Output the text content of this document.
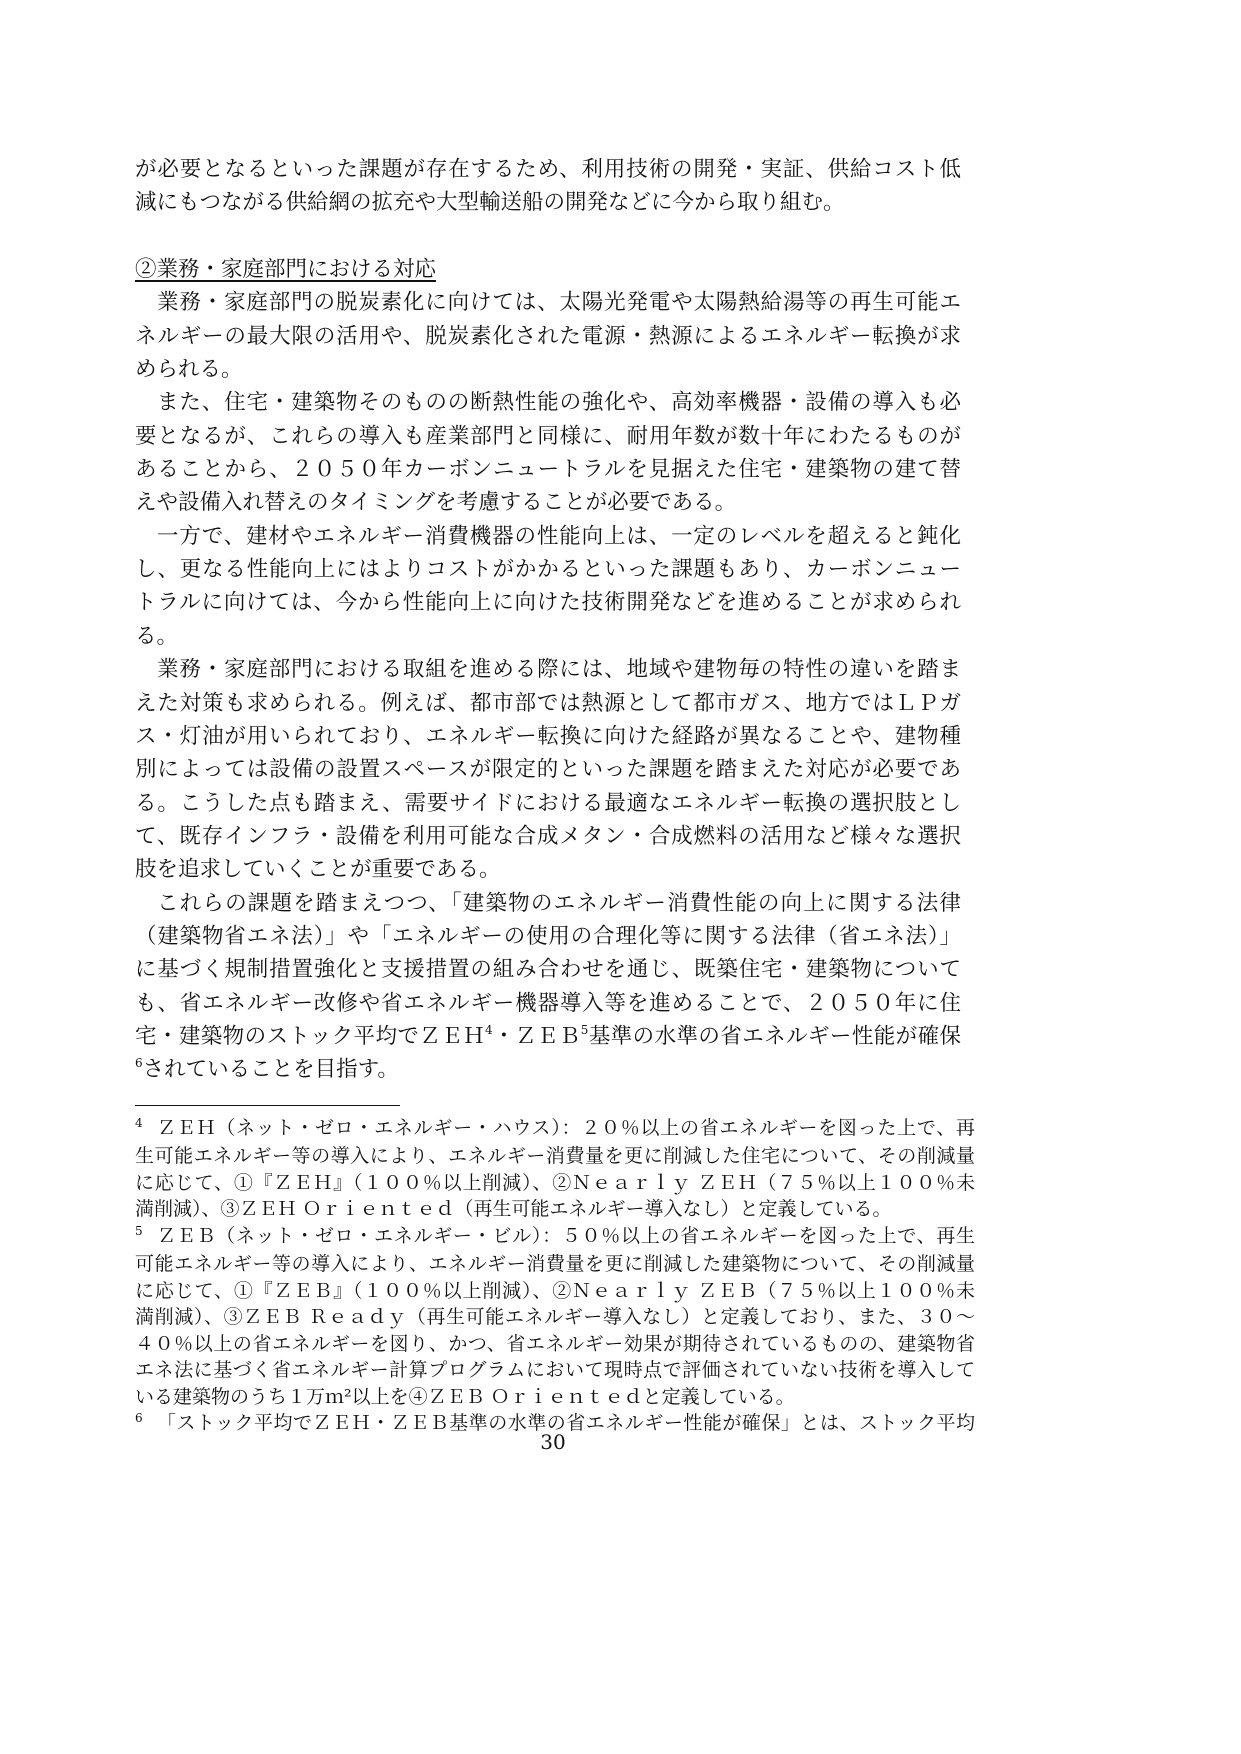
が必要となるといった課題が存在するため、利用技術の開発・実証、供給コスト低
減にもつながる供給網の拡充や大型輸送船の開発などに今から取り組む。
②業務・家庭部門における対応
業務・家庭部門の脱炭素化に向けては、太陽光発電や太陽熱給湯等の再生可能エ
ネルギーの最大限の活用や、脱炭素化された電源・熱源によるエネルギー転換が求
められる。
また、住宅・建築物そのものの断熱性能の強化や、高効率機器・設備の導入も必
要となるが、これらの導入も産業部門と同様に、耐用年数が数十年にわたるものが
あることから、２０５０年カーボンニュートラルを見据えた住宅・建築物の建て替
えや設備入れ替えのタイミングを考慮することが必要である。
一方で、建材やエネルギー消費機器の性能向上は、一定のレベルを超えると鈍化
し、更なる性能向上にはよりコストがかかるといった課題もあり、カーボンニュー
トラルに向けては、今から性能向上に向けた技術開発などを進めることが求められ
る。
業務・家庭部門における取組を進める際には、地域や建物毎の特性の違いを踏ま
えた対策も求められる。例えば、都市部では熱源として都市ガス、地方ではＬＰガ
ス・灯油が用いられており、エネルギー転換に向けた経路が異なることや、建物種
別によっては設備の設置スペースが限定的といった課題を踏まえた対応が必要であ
る。こうした点も踏まえ、需要サイドにおける最適なエネルギー転換の選択肢とし
て、既存インフラ・設備を利用可能な合成メタン・合成燃料の活用など様々な選択
肢を追求していくことが重要である。
これらの課題を踏まえつつ、「建築物のエネルギー消費性能の向上に関する法律
（建築物省エネ法）」や「エネルギーの使用の合理化等に関する法律（省エネ法）」
に基づく規制措置強化と支援措置の組み合わせを通じ、既築住宅・建築物について
も、省エネルギー改修や省エネルギー機器導入等を進めることで、２０５０年に住
宅・建築物のストック平均でＺＥＨ$^4$・ＺＥＢ$^5$基準の水準の省エネルギー性能が確保
$^6$されていることを目指す。
4 ＺＥＨ（ネット・ゼロ・エネルギー・ハウス）：２０％以上の省エネルギーを図った上で、再
生可能エネルギー等の導入により、エネルギー消費量を更に削減した住宅について、その削減量
に応じて、①『ＺＥＨ』（１００％以上削減）、②Ｎｅａｒｌｙ ＺＥＨ（７５％以上１００％未
満削減）、③ＺＥＨ Ｏｒｉｅｎｔｅｄ（再生可能エネルギー導入なし）と定義している。
5 ＺＥＢ（ネット・ゼロ・エネルギー・ビル）：５０％以上の省エネルギーを図った上で、再生
可能エネルギー等の導入により、エネルギー消費量を更に削減した建築物について、その削減量
に応じて、①『ＺＥＢ』（１００％以上削減）、②Ｎｅａｒｌｙ ＺＥＢ（７５％以上１００％未
満削減）、③ＺＥＢ Ｒｅａｄｙ（再生可能エネルギー導入なし）と定義しており、また、３０～
４０％以上の省エネルギーを図り、かつ、省エネルギー効果が期待されているものの、建築物省
エネ法に基づく省エネルギー計算プログラムにおいて現時点で評価されていない技術を導入して
いる建築物のうち１万ｍ²以上を④ＺＥＢ Ｏｒｉｅｎｔｅｄと定義している。
6 「ストック平均でＺＥＨ・ＺＥＢ基準の水準の省エネルギー性能が確保」とは、ストック平均
30
